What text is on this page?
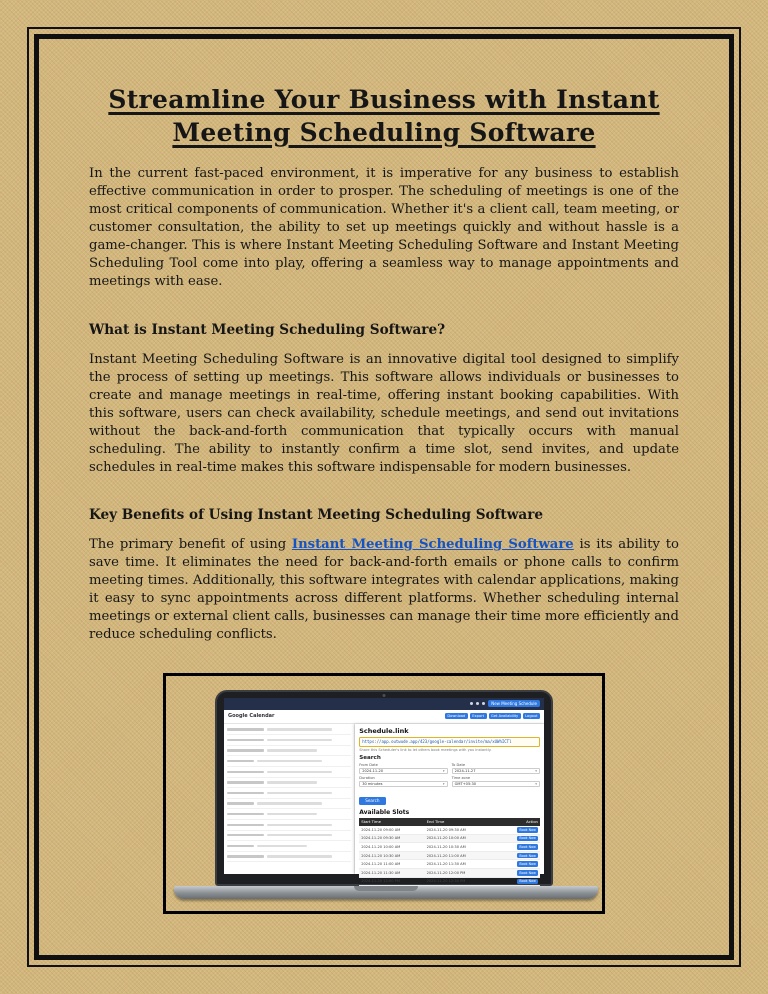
Streamline Your Business with Instant
Meeting Scheduling Software

In the current fast-paced environment, it is imperative for any business to establish effective communication in order to prosper. The scheduling of meetings is one of the most critical components of communication. Whether it's a client call, team meeting, or customer consultation, the ability to set up meetings quickly and without hassle is a game-changer. This is where Instant Meeting Scheduling Software and Instant Meeting Scheduling Tool come into play, offering a seamless way to manage appointments and meetings with ease.

What is Instant Meeting Scheduling Software?

Instant Meeting Scheduling Software is an innovative digital tool designed to simplify the process of setting up meetings. This software allows individuals or businesses to create and manage meetings in real-time, offering instant booking capabilities. With this software, users can check availability, schedule meetings, and send out invitations without the back-and-forth communication that typically occurs with manual scheduling. The ability to instantly confirm a time slot, send invites, and update schedules in real-time makes this software indispensable for modern businesses.

Key Benefits of Using Instant Meeting Scheduling Software

The primary benefit of using Instant Meeting Scheduling Software is its ability to save time. It eliminates the need for back-and-forth emails or phone calls to confirm meeting times. Additionally, this software integrates with calendar applications, making it easy to sync appointments across different platforms. Whether scheduling internal meetings or external client calls, businesses can manage their time more efficiently and reduce scheduling conflicts.

New Meeting Schedule
Google Calendar	Download	Export	Get Availability	Logout
Schedule.link
https://app.outwude.app/423/google-calendar/invite/ma/xUWhICTl
Share this Scheduler's link to let others book meetings with you instantly.
Search
From Date
2024-11-20	▾
To Date
2024-11-27	▾
Duration
30 minutes	▾
Time zone
GMT+05:30	▾
Search
Available Slots
Start Time	End Time	Action
2024-11-20 09:00 AM	2024-11-20 09:30 AM	Book Now
2024-11-20 09:30 AM	2024-11-20 10:00 AM	Book Now
2024-11-20 10:00 AM	2024-11-20 10:30 AM	Book Now
2024-11-20 10:30 AM	2024-11-20 11:00 AM	Book Now
2024-11-20 11:00 AM	2024-11-20 11:30 AM	Book Now
2024-11-20 11:30 AM	2024-11-20 12:00 PM	Book Now
2024-11-20 12:00 PM	2024-11-20 12:30 PM	Book Now
